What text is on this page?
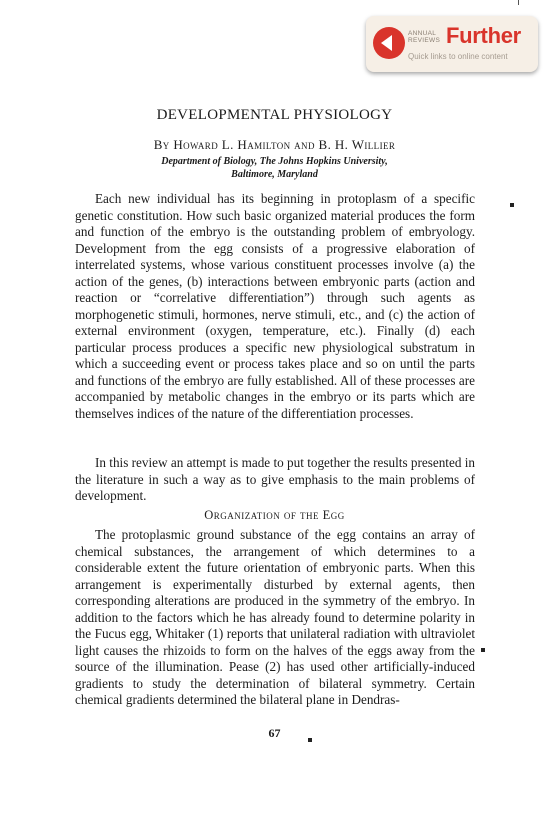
ANNUAL REVIEWS Further
Quick links to online content
DEVELOPMENTAL PHYSIOLOGY
By Howard L. Hamilton and B. H. Willier
Department of Biology, The Johns Hopkins University,
Baltimore, Maryland

Each new individual has its beginning in protoplasm of a specific genetic constitution. How such basic organized material produces the form and function of the embryo is the outstanding problem of embryology. Development from the egg consists of a progressive elaboration of interrelated systems, whose various constituent processes involve (a) the action of the genes, (b) interactions between embryonic parts (action and reaction or “correlative differentiation”) through such agents as morphogenetic stimuli, hormones, nerve stimuli, etc., and (c) the action of external environment (oxygen, temperature, etc.). Finally (d) each particular process produces a specific new physiological substratum in which a succeeding event or process takes place and so on until the parts and functions of the embryo are fully established. All of these processes are accompanied by metabolic changes in the embryo or its parts which are themselves indices of the nature of the differentiation processes.

In this review an attempt is made to put together the results presented in the literature in such a way as to give emphasis to the main problems of development.

Organization of the Egg

The protoplasmic ground substance of the egg contains an array of chemical substances, the arrangement of which determines to a considerable extent the future orientation of embryonic parts. When this arrangement is experimentally disturbed by external agents, then corresponding alterations are produced in the symmetry of the embryo. In addition to the factors which he has already found to determine polarity in the Fucus egg, Whitaker (1) reports that unilateral radiation with ultraviolet light causes the rhizoids to form on the halves of the eggs away from the source of the illumination. Pease (2) has used other artificially-induced gradients to study the determination of bilateral symmetry. Certain chemical gradients determined the bilateral plane in Dendras-

67
